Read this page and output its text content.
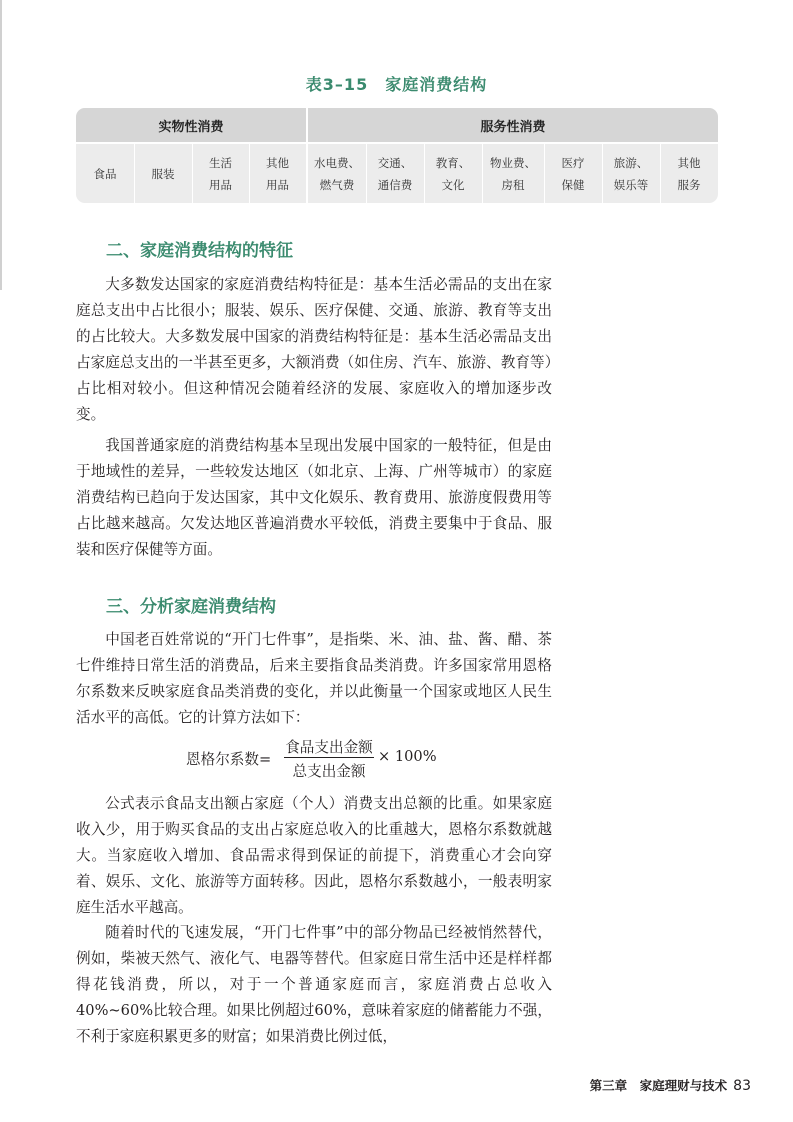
表3–15　家庭消费结构
实物性消费	服务性消费
食品	服装
生活
用品
其他
用品
水电费、
燃气费
交通、
通信费
教育、
文化
物业费、
房租
医疗
保健
旅游、
娱乐等
其他
服务
二、家庭消费结构的特征

大多数发达国家的家庭消费结构特征是：基本生活必需品的支出在家庭总支出中占比很小；服装、娱乐、医疗保健、交通、旅游、教育等支出的占比较大。大多数发展中国家的消费结构特征是：基本生活必需品支出占家庭总支出的一半甚至更多，大额消费（如住房、汽车、旅游、教育等）占比相对较小。但这种情况会随着经济的发展、家庭收入的增加逐步改变。

我国普通家庭的消费结构基本呈现出发展中国家的一般特征，但是由于地域性的差异，一些较发达地区（如北京、上海、广州等城市）的家庭消费结构已趋向于发达国家，其中文化娱乐、教育费用、旅游度假费用等占比越来越高。欠发达地区普遍消费水平较低，消费主要集中于食品、服装和医疗保健等方面。

三、分析家庭消费结构

中国老百姓常说的“开门七件事”，是指柴、米、油、盐、酱、醋、茶七件维持日常生活的消费品，后来主要指食品类消费。许多国家常用恩格尔系数来反映家庭食品类消费的变化，并以此衡量一个国家或地区人民生活水平的高低。它的计算方法如下：

恩格尔系数=
食品支出金额
总支出金额
× 100%

公式表示食品支出额占家庭（个人）消费支出总额的比重。如果家庭收入少，用于购买食品的支出占家庭总收入的比重越大，恩格尔系数就越大。当家庭收入增加、食品需求得到保证的前提下，消费重心才会向穿着、娱乐、文化、旅游等方面转移。因此，恩格尔系数越小，一般表明家庭生活水平越高。

随着时代的飞速发展，“开门七件事”中的部分物品已经被悄然替代，例如，柴被天然气、液化气、电器等替代。但家庭日常生活中还是样样都得花钱消费，所以，对于一个普通家庭而言，家庭消费占总收入40%~60%比较合理。如果比例超过60%，意味着家庭的储蓄能力不强，不利于家庭积累更多的财富；如果消费比例过低，

第三章　家庭理财与技术 83
